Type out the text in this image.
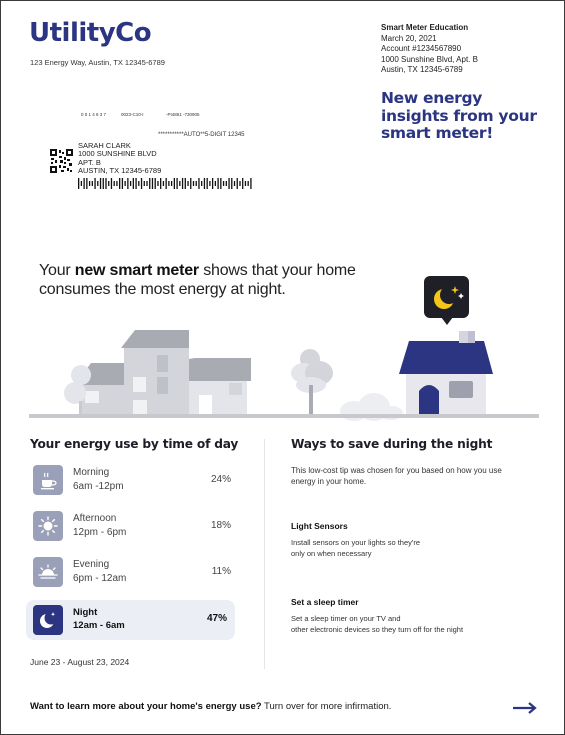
UtilityCo
123 Energy Way, Austin, TX 12345-6789
Smart Meter Education
March 20, 2021
Account #1234567890
1000 Sunshine Blvd, Apt. B
Austin, TX 12345-6789
New energy
insights from your
smart meter!
0 0 1 4 8 3 7	0023-C10-I	-PI4851 -730905
***********AUTO**5-DIGIT 12345
SARAH CLARK
1000 SUNSHINE BLVD
APT. B
AUSTIN, TX 12345-6789
Your new smart meter shows that your home consumes the most energy at night.
Your energy use by time of day
Morning
6am -12pm
24%
Afternoon
12pm - 6pm
18%
Evening
6pm - 12am
11%
Night
12am - 6am
47%
June 23 - August 23, 2024
Ways to save during the night
This low-cost tip was chosen for you based on how you use energy in your home.
Light Sensors
Install sensors on your lights so they're
only on when necessary
Set a sleep timer
Set a sleep timer on your TV and
other electronic devices so they turn off for the night
Want to learn more about your home's energy use? Turn over for more infirmation.
